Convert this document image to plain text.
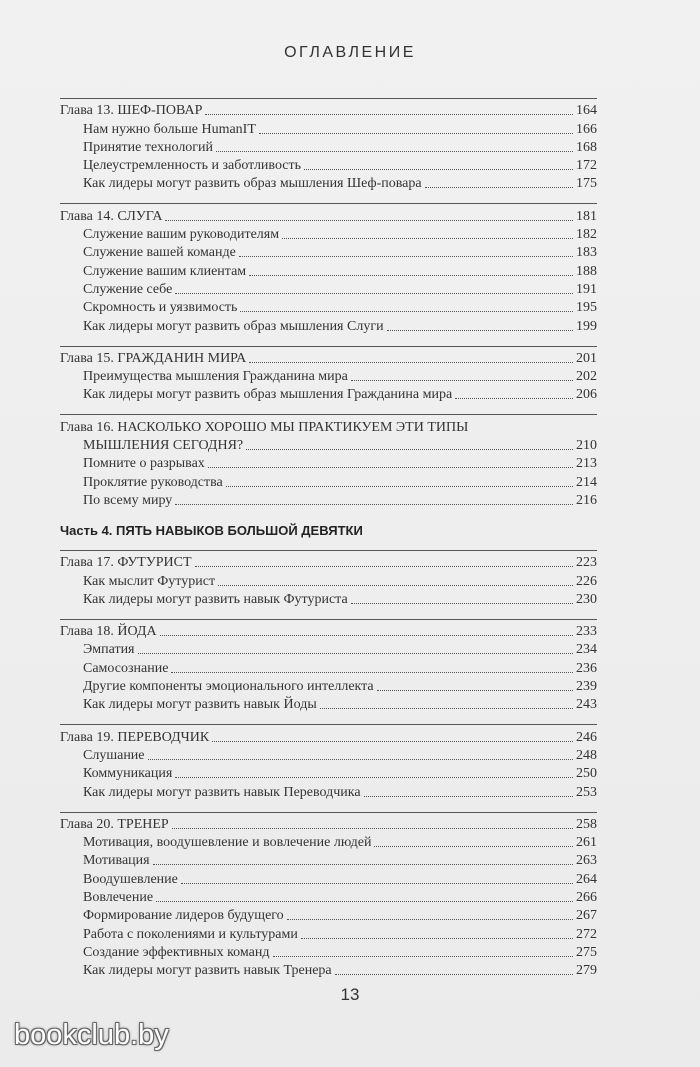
ОГЛАВЛЕНИЕ
Глава 13. ШЕФ-ПОВАР	164
Нам нужно больше HumanIT	166
Принятие технологий	168
Целеустремленность и заботливость	172
Как лидеры могут развить образ мышления Шеф-повара	175
Глава 14. СЛУГА	181
Служение вашим руководителям	182
Служение вашей команде	183
Служение вашим клиентам	188
Служение себе	191
Скромность и уязвимость	195
Как лидеры могут развить образ мышления Слуги	199
Глава 15. ГРАЖДАНИН МИРА	201
Преимущества мышления Гражданина мира	202
Как лидеры могут развить образ мышления Гражданина мира	206
Глава 16. НАСКОЛЬКО ХОРОШО МЫ ПРАКТИКУЕМ ЭТИ ТИПЫ
МЫШЛЕНИЯ СЕГОДНЯ?	210
Помните о разрывах	213
Проклятие руководства	214
По всему миру	216
Часть 4. ПЯТЬ НАВЫКОВ БОЛЬШОЙ ДЕВЯТКИ
Глава 17. ФУТУРИСТ	223
Как мыслит Футурист	226
Как лидеры могут развить навык Футуриста	230
Глава 18. ЙОДА	233
Эмпатия	234
Самосознание	236
Другие компоненты эмоционального интеллекта	239
Как лидеры могут развить навык Йоды	243
Глава 19. ПЕРЕВОДЧИК	246
Слушание	248
Коммуникация	250
Как лидеры могут развить навык Переводчика	253
Глава 20. ТРЕНЕР	258
Мотивация, воодушевление и вовлечение людей	261
Мотивация	263
Воодушевление	264
Вовлечение	266
Формирование лидеров будущего	267
Работа с поколениями и культурами	272
Создание эффективных команд	275
Как лидеры могут развить навык Тренера	279
13
bookclub.by
